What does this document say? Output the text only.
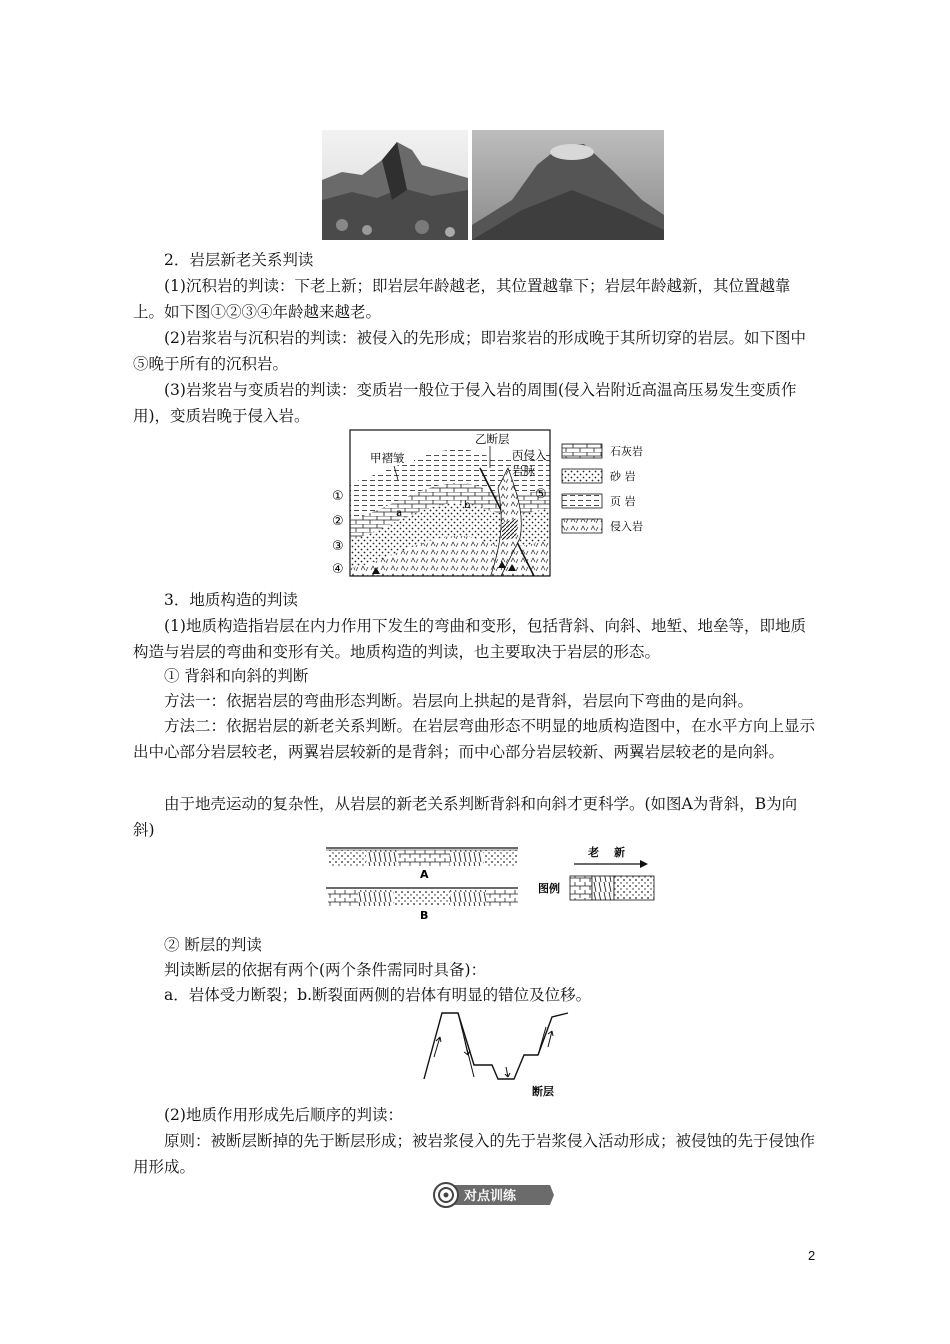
2．岩层新老关系判读

(1)沉积岩的判读：下老上新；即岩层年龄越老，其位置越靠下；岩层年龄越新，其位置越靠上。如下图①②③④年龄越来越老。

(2)岩浆岩与沉积岩的判读：被侵入的先形成；即岩浆岩的形成晚于其所切穿的岩层。如下图中⑤晚于所有的沉积岩。

(3)岩浆岩与变质岩的判读：变质岩一般位于侵入岩的周围(侵入岩附近高温高压易发生变质作用)，变质岩晚于侵入岩。

甲褶皱
乙断层
丙侵入
岩脉
⑤
①
②
③
④
a
b
石灰岩
砂 岩
页 岩
侵入岩

3．地质构造的判读

(1)地质构造指岩层在内力作用下发生的弯曲和变形，包括背斜、向斜、地堑、地垒等，即地质构造与岩层的弯曲和变形有关。地质构造的判读，也主要取决于岩层的形态。

① 背斜和向斜的判断

方法一：依据岩层的弯曲形态判断。岩层向上拱起的是背斜，岩层向下弯曲的是向斜。

方法二：依据岩层的新老关系判断。在岩层弯曲形态不明显的地质构造图中，在水平方向上显示出中心部分岩层较老，两翼岩层较新的是背斜；而中心部分岩层较新、两翼岩层较老的是向斜。

由于地壳运动的复杂性，从岩层的新老关系判断背斜和向斜才更科学。(如图A为背斜，B为向斜)

A
B
老 新
图例

② 断层的判读

判读断层的依据有两个(两个条件需同时具备)：

a．岩体受力断裂；b.断裂面两侧的岩体有明显的错位及位移。

断层

(2)地质作用形成先后顺序的判读：

原则：被断层断掉的先于断层形成；被岩浆侵入的先于岩浆侵入活动形成；被侵蚀的先于侵蚀作用形成。

对点训练
2
